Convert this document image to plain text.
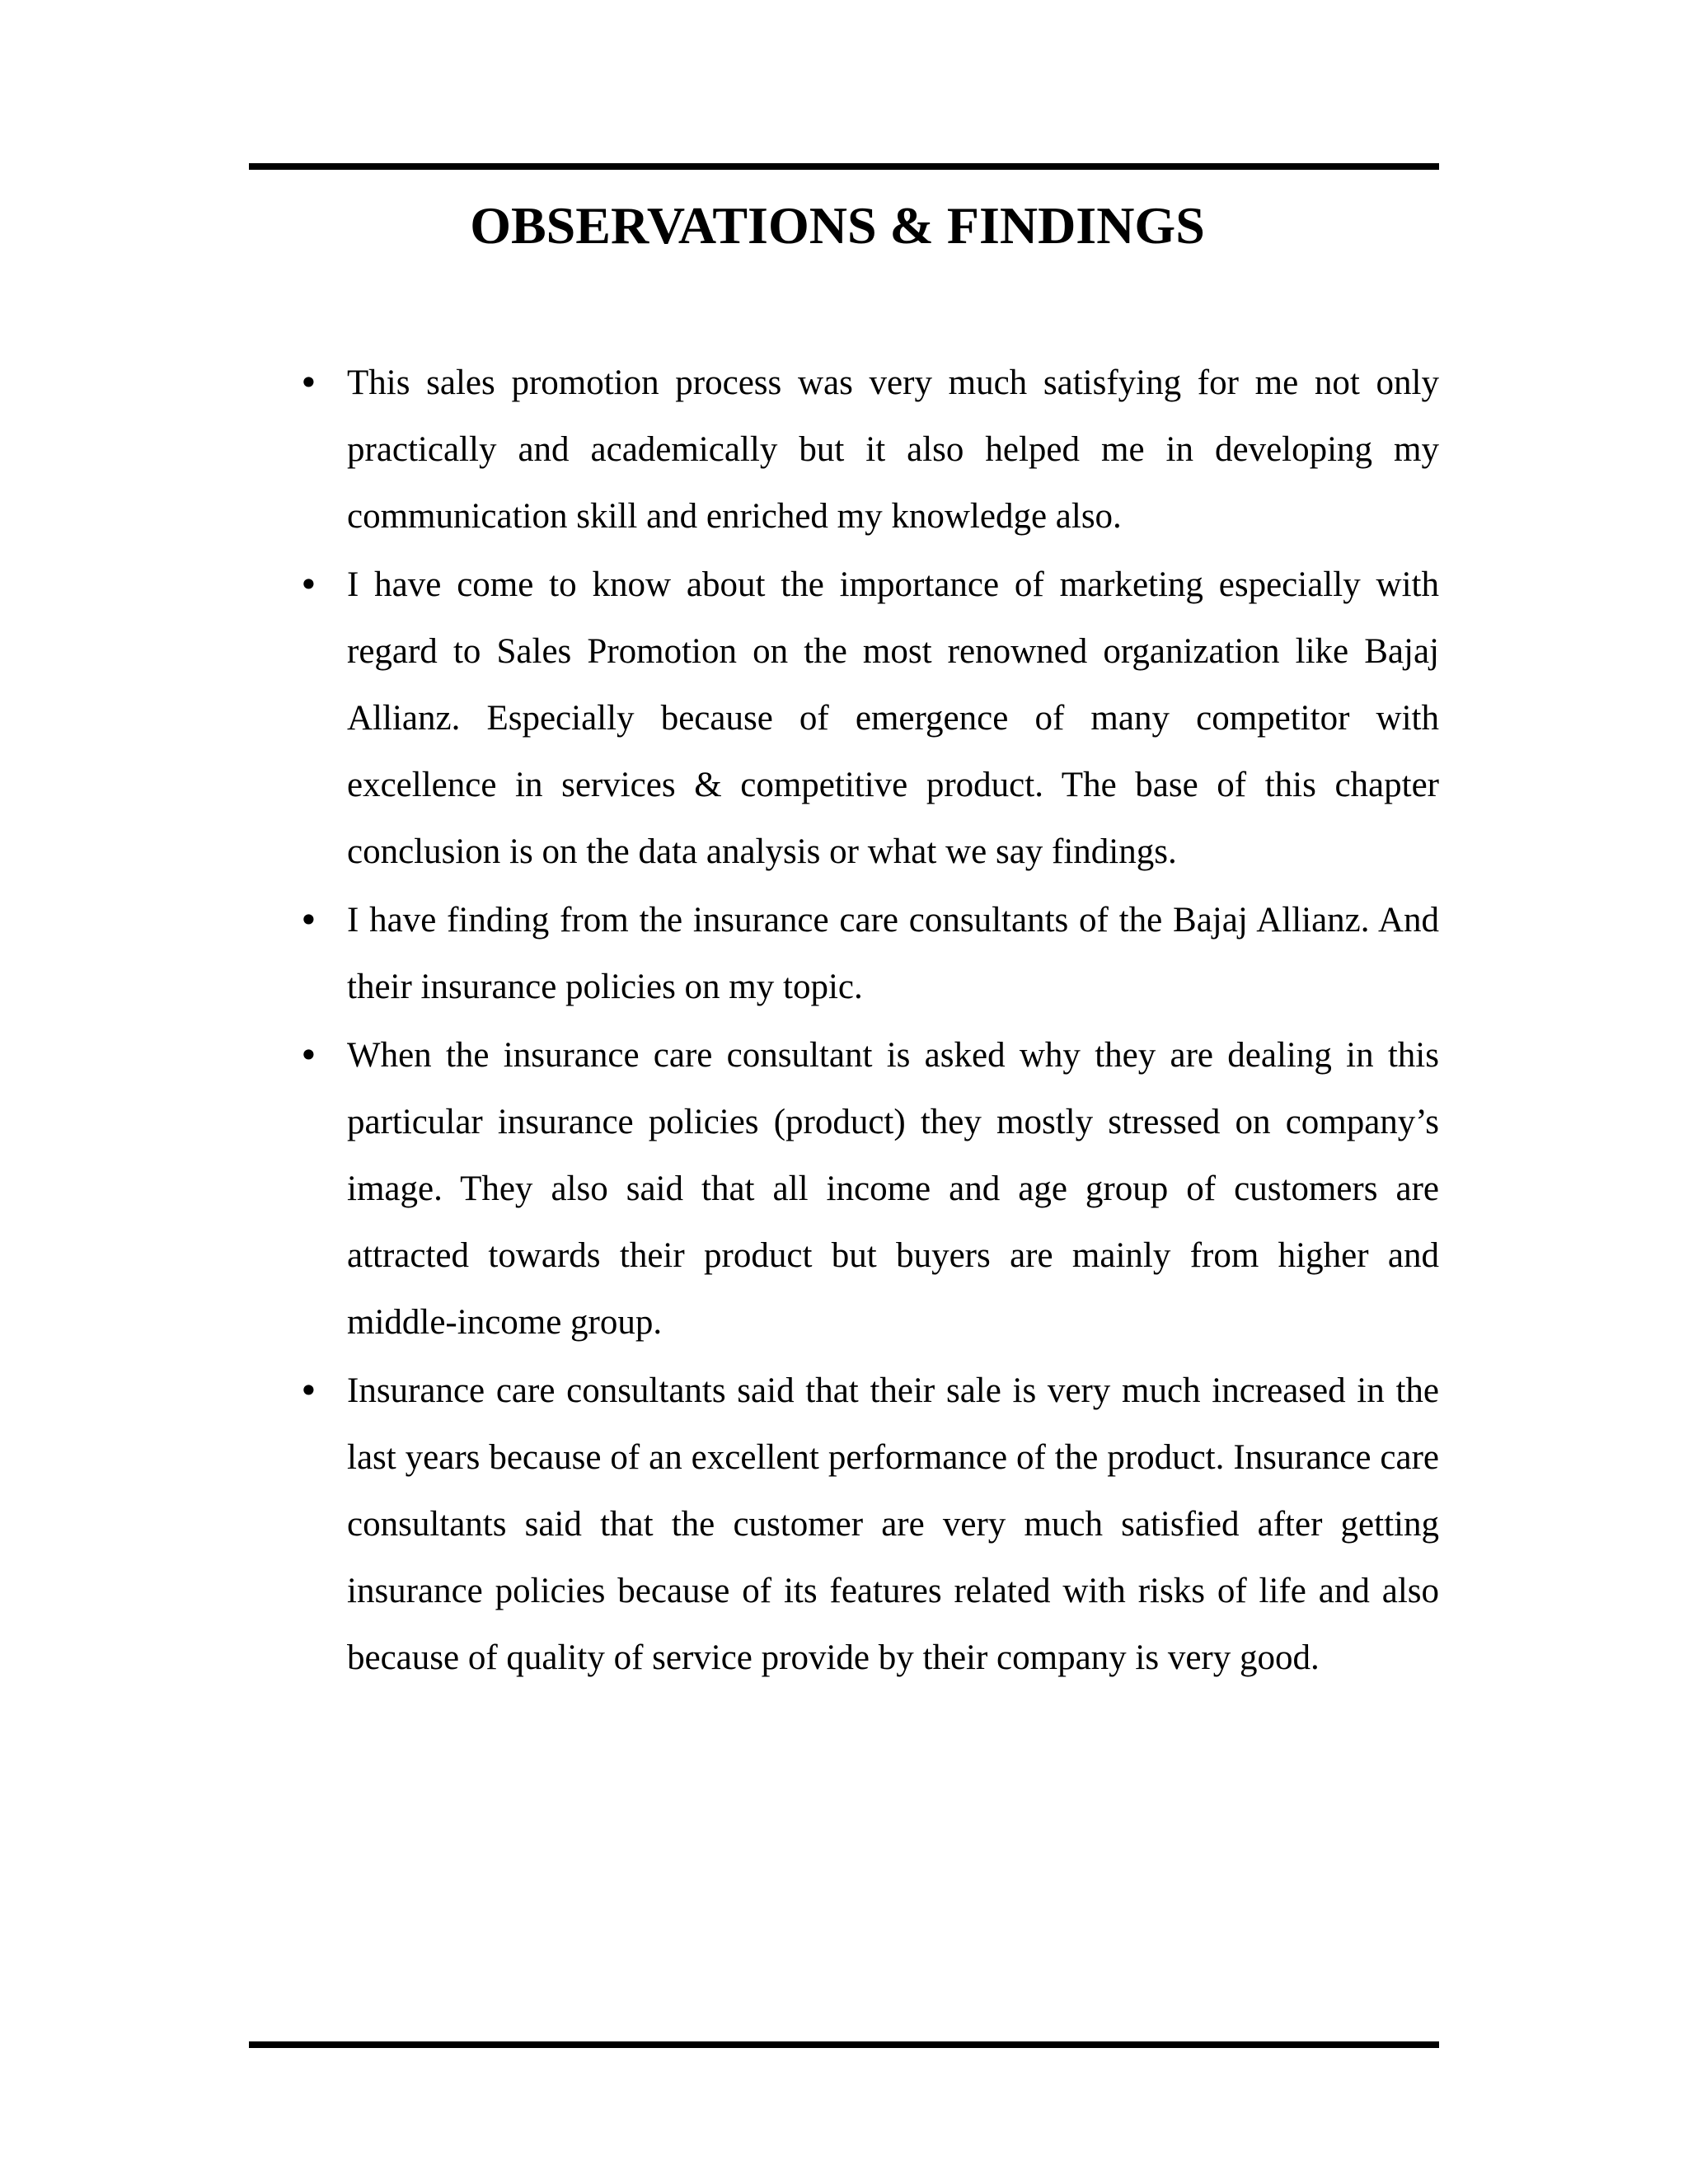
OBSERVATIONS & FINDINGS
• This sales promotion process was very much satisfying for me not only practically and academically but it also helped me in developing my communication skill and enriched my knowledge also.
• I have come to know about the importance of marketing especially with regard to Sales Promotion on the most renowned organization like Bajaj Allianz. Especially because of emergence of many competitor with excellence in services & competitive product. The base of this chapter conclusion is on the data analysis or what we say findings.
• I have finding from the insurance care consultants of the Bajaj Allianz. And their insurance policies on my topic.
• When the insurance care consultant is asked why they are dealing in this particular insurance policies (product) they mostly stressed on company’s image. They also said that all income and age group of customers are attracted towards their product but buyers are mainly from higher and middle-income group.
• Insurance care consultants said that their sale is very much increased in the last years because of an excellent performance of the product. Insurance care consultants said that the customer are very much satisfied after getting insurance policies because of its features related with risks of life and also because of quality of service provide by their company is very good.
